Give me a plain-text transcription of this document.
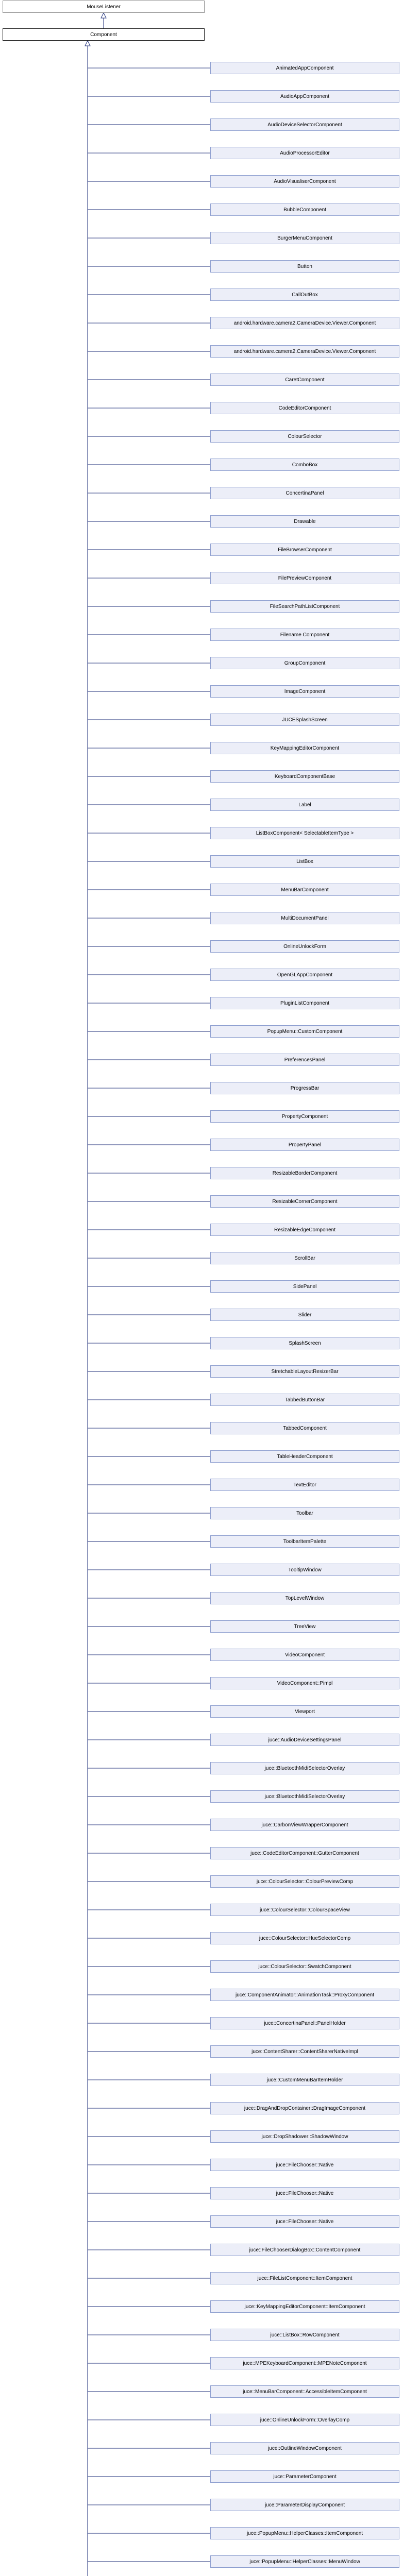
MouseListener
Component
AnimatedAppComponent
AudioAppComponent
AudioDeviceSelectorComponent
AudioProcessorEditor
AudioVisualiserComponent
BubbleComponent
BurgerMenuComponent
Button
CallOutBox
android.hardware.camera2.CameraDevice.Viewer.Component
android.hardware.camera2.CameraDevice.Viewer.Component
CaretComponent
CodeEditorComponent
ColourSelector
ComboBox
ConcertinaPanel
Drawable
FileBrowserComponent
FilePreviewComponent
FileSearchPathListComponent
Filename Component
GroupComponent
ImageComponent
JUCESplashScreen
KeyMappingEditorComponent
KeyboardComponentBase
Label
ListBoxComponent< SelectableItemType >
ListBox
MenuBarComponent
MultiDocumentPanel
OnlineUnlockForm
OpenGLAppComponent
PluginListComponent
PopupMenu::CustomComponent
PreferencesPanel
ProgressBar
PropertyComponent
PropertyPanel
ResizableBorderComponent
ResizableCornerComponent
ResizableEdgeComponent
ScrollBar
SidePanel
Slider
SplashScreen
StretchableLayoutResizerBar
TabbedButtonBar
TabbedComponent
TableHeaderComponent
TextEditor
Toolbar
ToolbarItemPalette
TooltipWindow
TopLevelWindow
TreeView
VideoComponent
VideoComponent::Pimpl
Viewport
juce::AudioDeviceSettingsPanel
juce::BluetoothMidiSelectorOverlay
juce::BluetoothMidiSelectorOverlay
juce::CarbonViewWrapperComponent
juce::CodeEditorComponent::GutterComponent
juce::ColourSelector::ColourPreviewComp
juce::ColourSelector::ColourSpaceView
juce::ColourSelector::HueSelectorComp
juce::ColourSelector::SwatchComponent
juce::ComponentAnimator::AnimationTask::ProxyComponent
juce::ConcertinaPanel::PanelHolder
juce::ContentSharer::ContentSharerNativeImpl
juce::CustomMenuBarItemHolder
juce::DragAndDropContainer::DragImageComponent
juce::DropShadower::ShadowWindow
juce::FileChooser::Native
juce::FileChooser::Native
juce::FileChooser::Native
juce::FileChooserDialogBox::ContentComponent
juce::FileListComponent::ItemComponent
juce::KeyMappingEditorComponent::ItemComponent
juce::ListBox::RowComponent
juce::MPEKeyboardComponent::MPENoteComponent
juce::MenuBarComponent::AccessibleItemComponent
juce::OnlineUnlockForm::OverlayComp
juce::OutlineWindowComponent
juce::ParameterComponent
juce::ParameterDisplayComponent
juce::PopupMenu::HelperClasses::ItemComponent
juce::PopupMenu::HelperClasses::MenuWindow
